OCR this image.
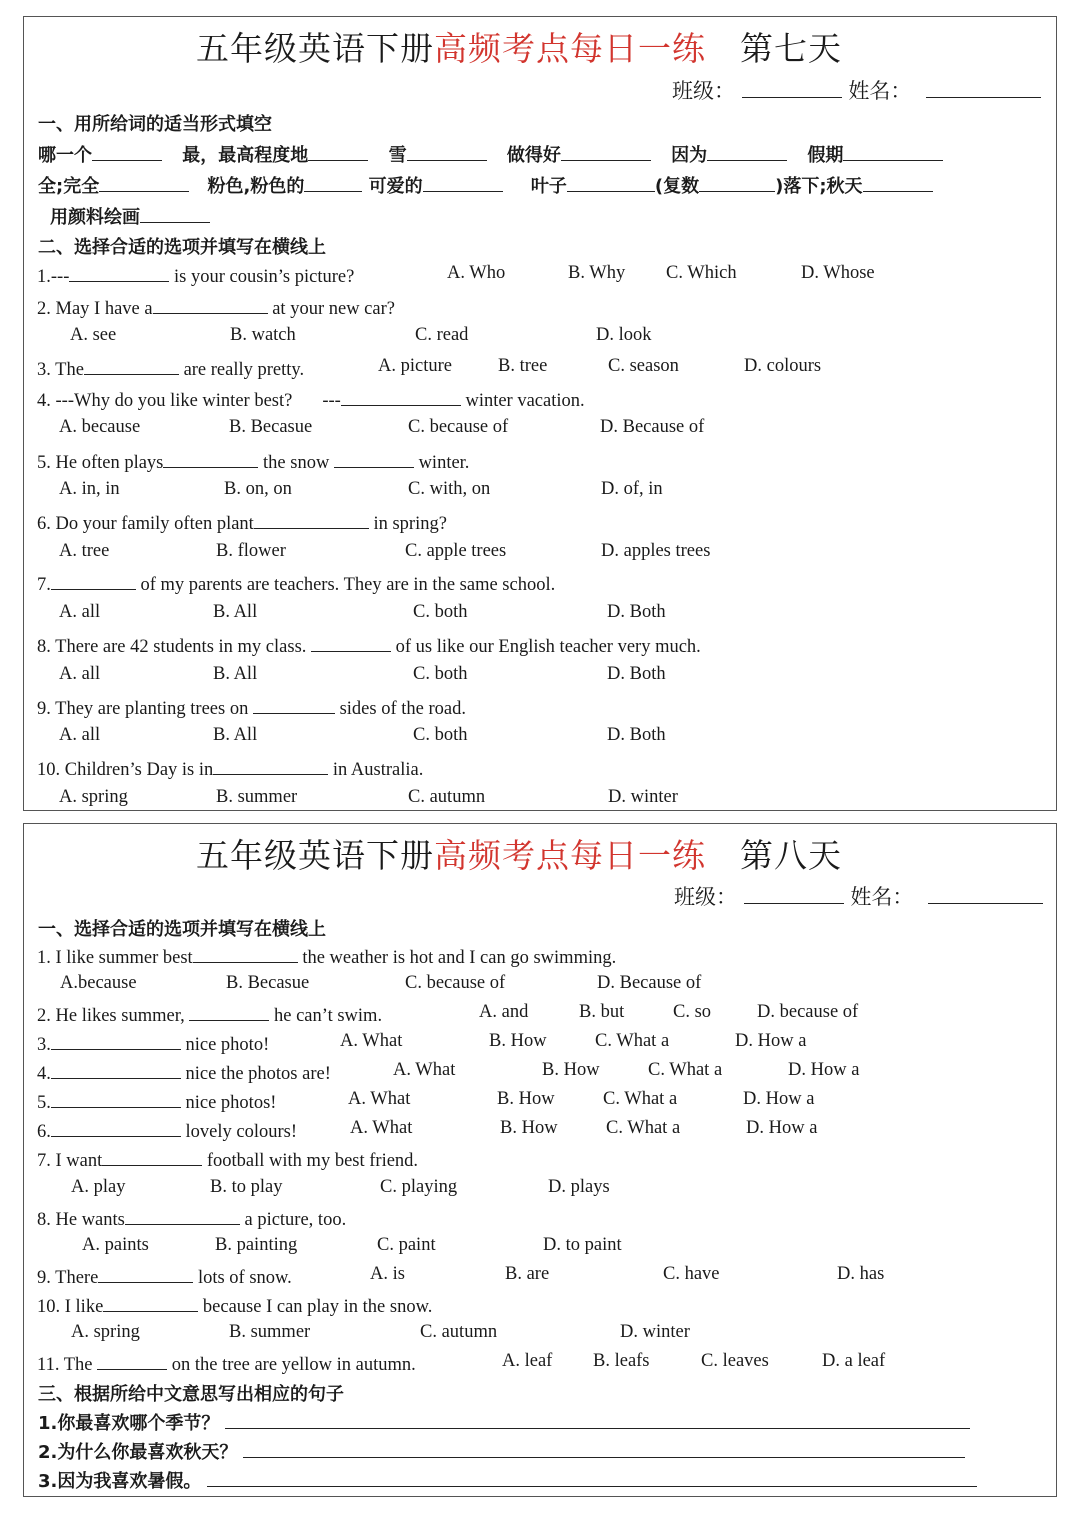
五年级英语下册高频考点每日一练 第七天
班级：	姓名：
一、用所给词的适当形式填空
哪一个	最，最高程度地	雪	做得好	因为	假期
全;完全	粉色,粉色的	可爱的	叶子	(复数	)落下;秋天
用颜料绘画
二、选择合适的选项并填写在横线上
1.---	is your cousin’s picture?	A. Who	B. Why C. Which	D. Whose
2. May I have a	at your new car?
A. see	B. watch	C. read	D. look
3. The	are really pretty.	A. picture B. tree	C. season	D. colours
4. ---Why do you like winter best? ---	winter vacation.
A. because	B. Becasue	C. because of	D. Because of
5. He often plays	the snow	winter.
A. in, in	B. on, on	C. with, on	D. of, in
6. Do your family often plant	in spring?
A. tree	B. flower	C. apple trees	D. apples trees
7.	of my parents are teachers. They are in the same school.
A. all	B. All	C. both	D. Both
8. There are 42 students in my class.	of us like our English teacher very much.
A. all	B. All	C. both	D. Both
9. They are planting trees on	sides of the road.
A. all	B. All	C. both	D. Both
10. Children’s Day is in	in Australia.
A. spring	B. summer	C. autumn	D. winter
五年级英语下册高频考点每日一练 第八天
班级：	姓名：
一、选择合适的选项并填写在横线上
1. I like summer best	the weather is hot and I can go swimming.
A.because	B. Becasue	C. because of	D. Because of
2. He likes summer,	he can’t swim.	A. and	B. but	C. so D. because of
3.	nice photo!	A. What	B. How	C. What a	D. How a
4.	nice the photos are!	A. What	B. How	C. What a	D. How a
5.	nice photos!	A. What	B. How	C. What a	D. How a
6.	lovely colours!	A. What	B. How	C. What a	D. How a
7. I want	football with my best friend.
A. play	B. to play	C. playing	D. plays
8. He wants	a picture, too.
A. paints	B. painting	C. paint	D. to paint
9. There	lots of snow.	A. is	B. are	C. have	D. has
10. I like	because I can play in the snow.
A. spring	B. summer	C. autumn	D. winter
11. The	on the tree are yellow in autumn.	A. leaf B. leafs	C. leaves	D. a leaf
三、根据所给中文意思写出相应的句子
1.你最喜欢哪个季节？
2.为什么你最喜欢秋天？
3.因为我喜欢暑假。
